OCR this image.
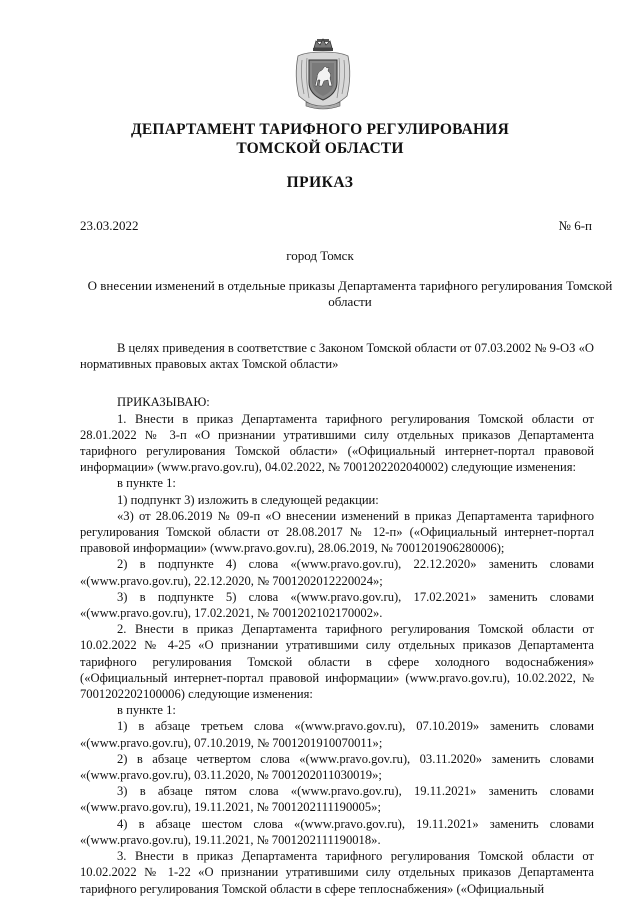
ДЕПАРТАМЕНТ ТАРИФНОГО РЕГУЛИРОВАНИЯ
ТОМСКОЙ ОБЛАСТИ
ПРИКАЗ
23.03.2022	№ 6-п
город Томск
О внесении изменений в отдельные приказы Департамента тарифного регулирования Томской области

В целях приведения в соответствие с Законом Томской области от 07.03.2002 № 9-ОЗ «О нормативных правовых актах Томской области»

ПРИКАЗЫВАЮ:

1. Внести в приказ Департамента тарифного регулирования Томской области от 28.01.2022 № 3-п «О признании утратившими силу отдельных приказов Департамента тарифного регулирования Томской области» («Официальный интернет-портал правовой информации» (www.pravo.gov.ru), 04.02.2022, № 7001202202040002) следующие изменения:

в пункте 1:

1) подпункт 3) изложить в следующей редакции:

«3) от 28.06.2019 № 09-п «О внесении изменений в приказ Департамента тарифного регулирования Томской области от 28.08.2017 № 12-п» («Официальный интернет-портал правовой информации» (www.pravo.gov.ru), 28.06.2019, № 7001201906280006);

2) в подпункте 4) слова «(www.pravo.gov.ru), 22.12.2020» заменить словами «(www.pravo.gov.ru), 22.12.2020, № 7001202012220024»;

3) в подпункте 5) слова «(www.pravo.gov.ru), 17.02.2021» заменить словами «(www.pravo.gov.ru), 17.02.2021, № 7001202102170002».

2. Внести в приказ Департамента тарифного регулирования Томской области от 10.02.2022 № 4-25 «О признании утратившими силу отдельных приказов Департамента тарифного регулирования Томской области в сфере холодного водоснабжения» («Официальный интернет-портал правовой информации» (www.pravo.gov.ru), 10.02.2022, № 7001202202100006) следующие изменения:

в пункте 1:

1) в абзаце третьем слова «(www.pravo.gov.ru), 07.10.2019» заменить словами «(www.pravo.gov.ru), 07.10.2019, № 7001201910070011»;

2) в абзаце четвертом слова «(www.pravo.gov.ru), 03.11.2020» заменить словами «(www.pravo.gov.ru), 03.11.2020, № 7001202011030019»;

3) в абзаце пятом слова «(www.pravo.gov.ru), 19.11.2021» заменить словами «(www.pravo.gov.ru), 19.11.2021, № 7001202111190005»;

4) в абзаце шестом слова «(www.pravo.gov.ru), 19.11.2021» заменить словами «(www.pravo.gov.ru), 19.11.2021, № 7001202111190018».

3. Внести в приказ Департамента тарифного регулирования Томской области от 10.02.2022 № 1-22 «О признании утратившими силу отдельных приказов Департамента тарифного регулирования Томской области в сфере теплоснабжения» («Официальный
